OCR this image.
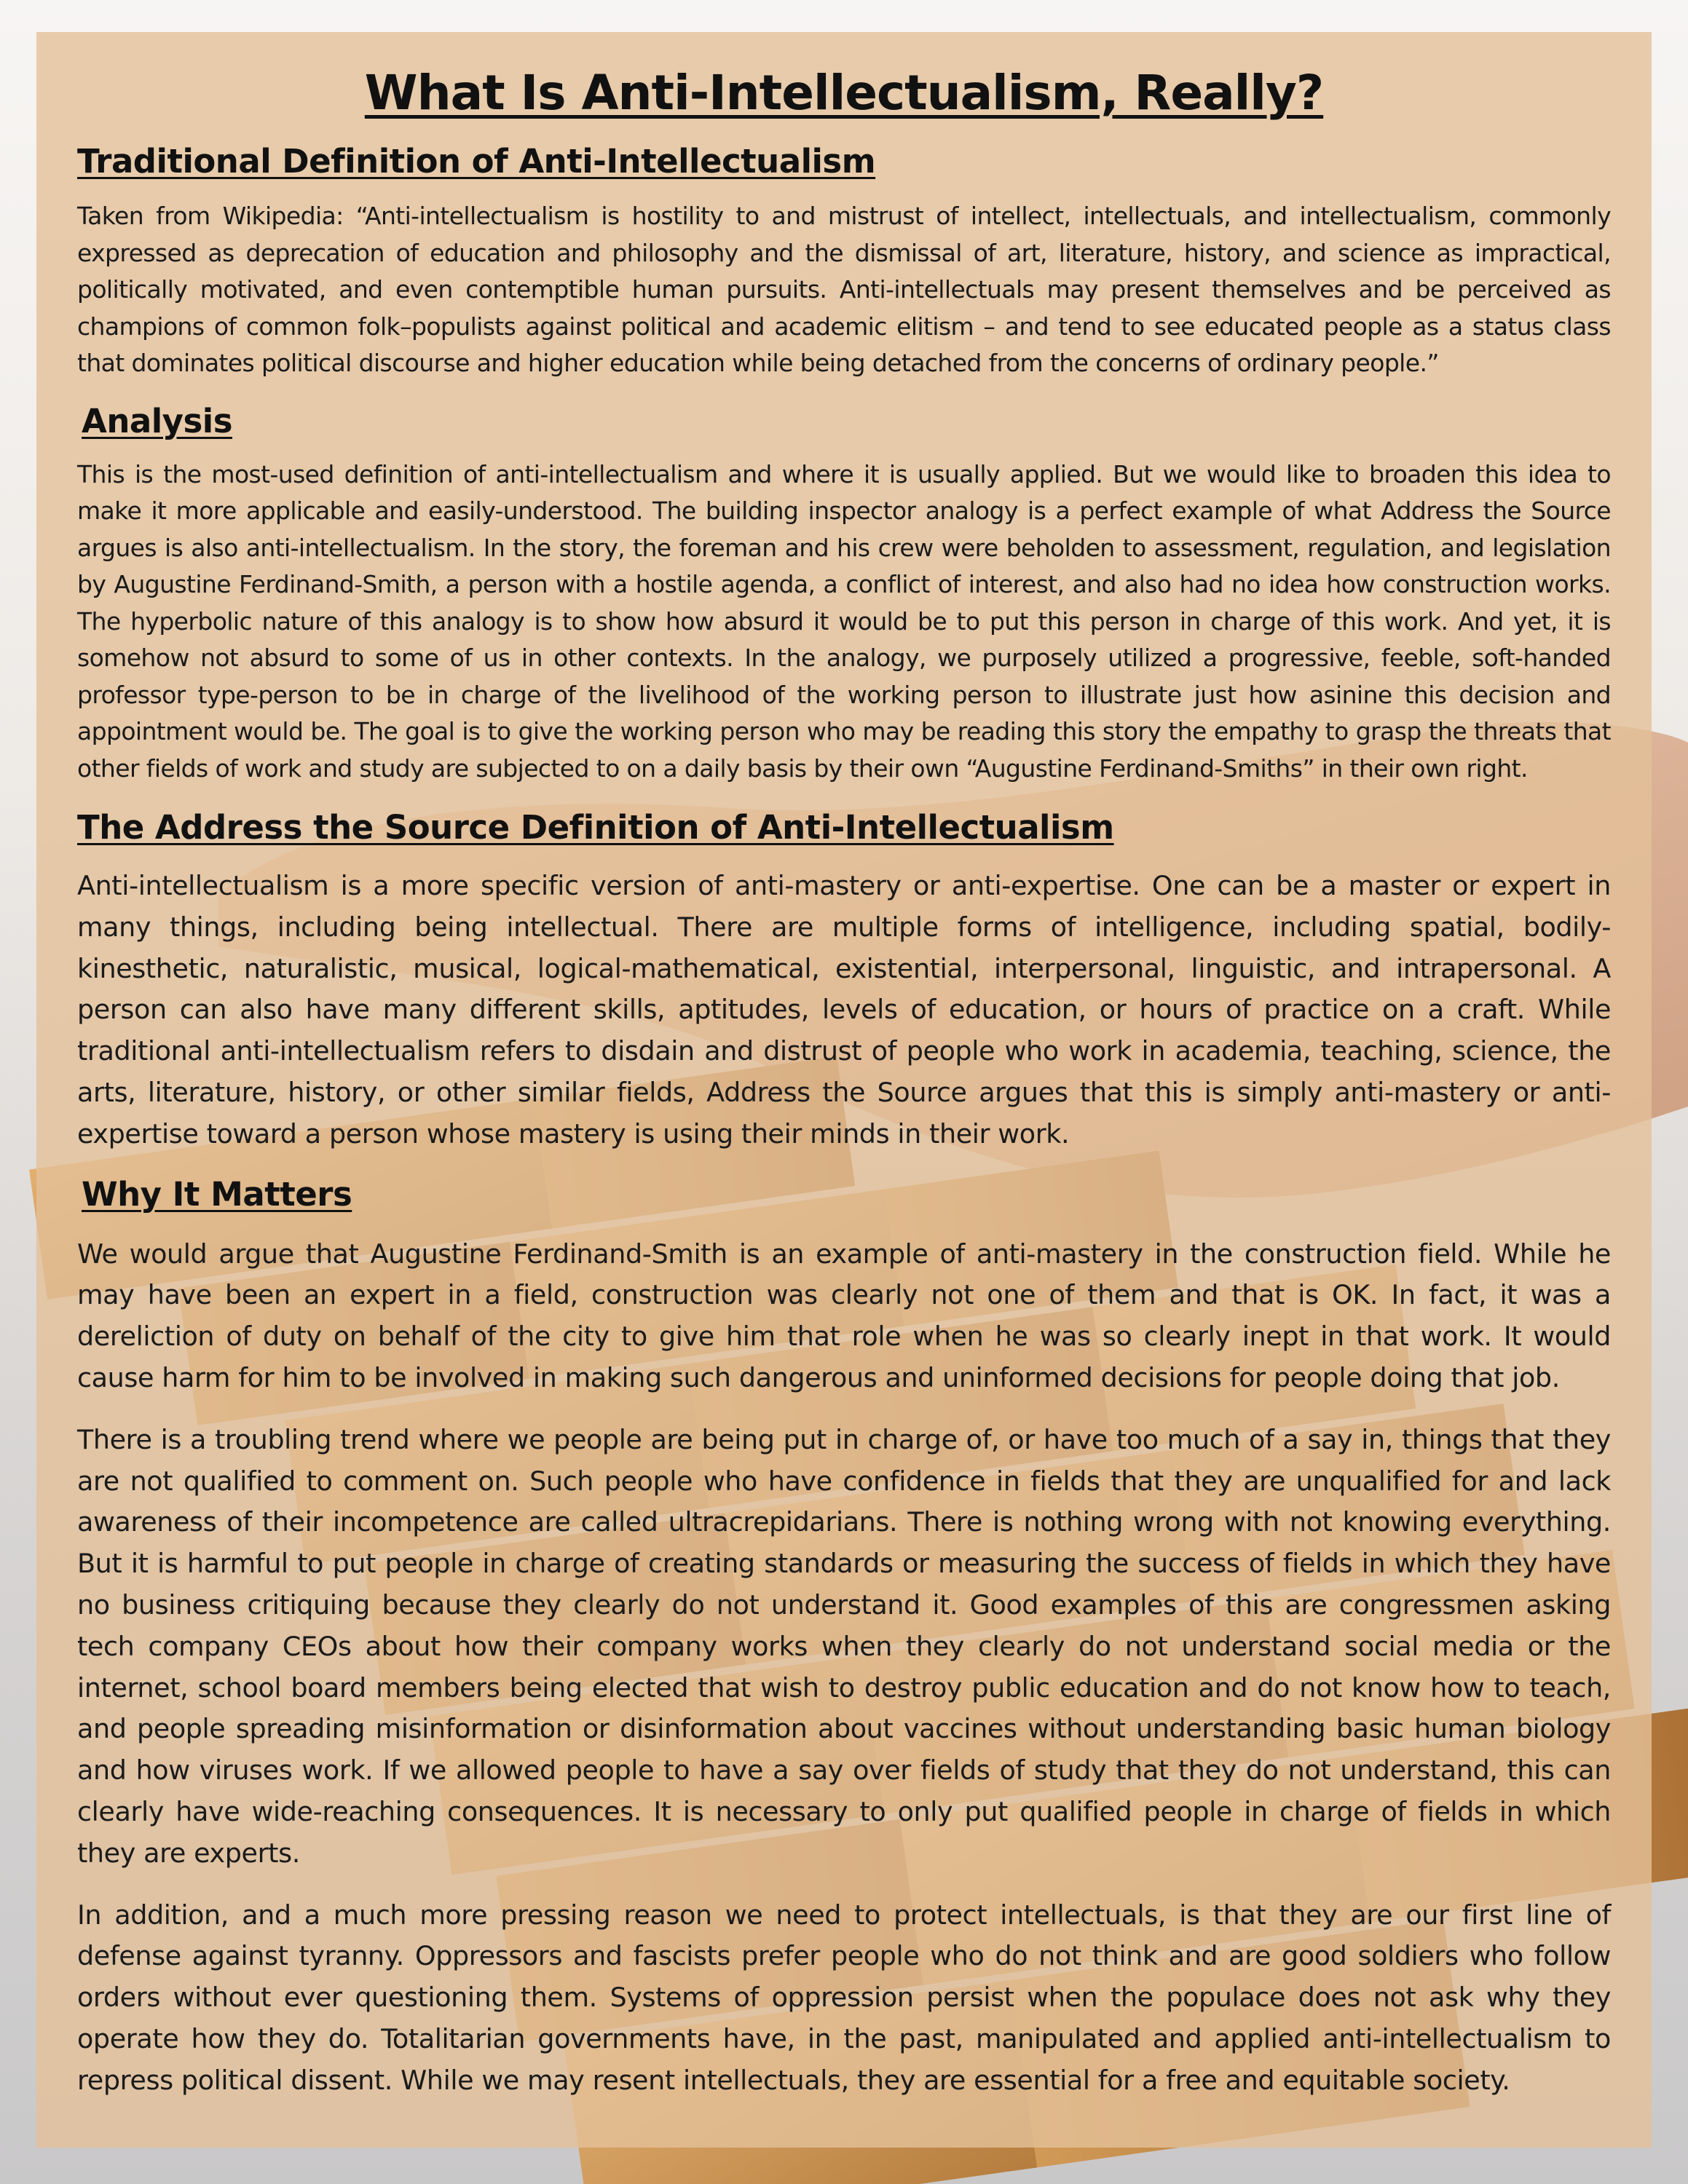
What Is Anti-Intellectualism, Really?
Traditional Definition of Anti-Intellectualism

Taken from Wikipedia: “Anti-intellectualism is hostility to and mistrust of intellect, intellectuals, and intellectualism, commonly expressed as deprecation of education and philosophy and the dismissal of art, literature, history, and science as impractical, politically motivated, and even contemptible human pursuits. Anti-intellectuals may present themselves and be perceived as champions of common folk–populists against political and academic elitism – and tend to see educated people as a status class that dominates political discourse and higher education while being detached from the concerns of ordinary people.”

Analysis

This is the most-used definition of anti-intellectualism and where it is usually applied. But we would like to broaden this idea to make it more applicable and easily-understood. The building inspector analogy is a perfect example of what Address the Source argues is also anti-intellectualism. In the story, the foreman and his crew were beholden to assessment, regulation, and legislation by Augustine Ferdinand-Smith, a person with a hostile agenda, a conflict of interest, and also had no idea how construction works. The hyperbolic nature of this analogy is to show how absurd it would be to put this person in charge of this work. And yet, it is somehow not absurd to some of us in other contexts. In the analogy, we purposely utilized a progressive, feeble, soft-handed professor type-person to be in charge of the livelihood of the working person to illustrate just how asinine this decision and appointment would be. The goal is to give the working person who may be reading this story the empathy to grasp the threats that other fields of work and study are subjected to on a daily basis by their own “Augustine Ferdinand-Smiths” in their own right.

The Address the Source Definition of Anti-Intellectualism

Anti-intellectualism is a more specific version of anti-mastery or anti-expertise. One can be a master or expert in many things, including being intellectual. There are multiple forms of intelligence, including spatial, bodily-kinesthetic, naturalistic, musical, logical-mathematical, existential, interpersonal, linguistic, and intrapersonal. A person can also have many different skills, aptitudes, levels of education, or hours of practice on a craft. While traditional anti-intellectualism refers to disdain and distrust of people who work in academia, teaching, science, the arts, literature, history, or other similar fields, Address the Source argues that this is simply anti-mastery or anti-expertise toward a person whose mastery is using their minds in their work.

Why It Matters

We would argue that Augustine Ferdinand-Smith is an example of anti-mastery in the construction field. While he may have been an expert in a field, construction was clearly not one of them and that is OK. In fact, it was a dereliction of duty on behalf of the city to give him that role when he was so clearly inept in that work. It would cause harm for him to be involved in making such dangerous and uninformed decisions for people doing that job.

There is a troubling trend where we people are being put in charge of, or have too much of a say in, things that they are not qualified to comment on. Such people who have confidence in fields that they are unqualified for and lack awareness of their incompetence are called ultracrepidarians. There is nothing wrong with not knowing everything. But it is harmful to put people in charge of creating standards or measuring the success of fields in which they have no business critiquing because they clearly do not understand it. Good examples of this are congressmen asking tech company CEOs about how their company works when they clearly do not understand social media or the internet, school board members being elected that wish to destroy public education and do not know how to teach, and people spreading misinformation or disinformation about vaccines without understanding basic human biology and how viruses work. If we allowed people to have a say over fields of study that they do not understand, this can clearly have wide-reaching consequences. It is necessary to only put qualified people in charge of fields in which they are experts.

In addition, and a much more pressing reason we need to protect intellectuals, is that they are our first line of defense against tyranny. Oppressors and fascists prefer people who do not think and are good soldiers who follow orders without ever questioning them. Systems of oppression persist when the populace does not ask why they operate how they do. Totalitarian governments have, in the past, manipulated and applied anti-intellectualism to repress political dissent. While we may resent intellectuals, they are essential for a free and equitable society.
